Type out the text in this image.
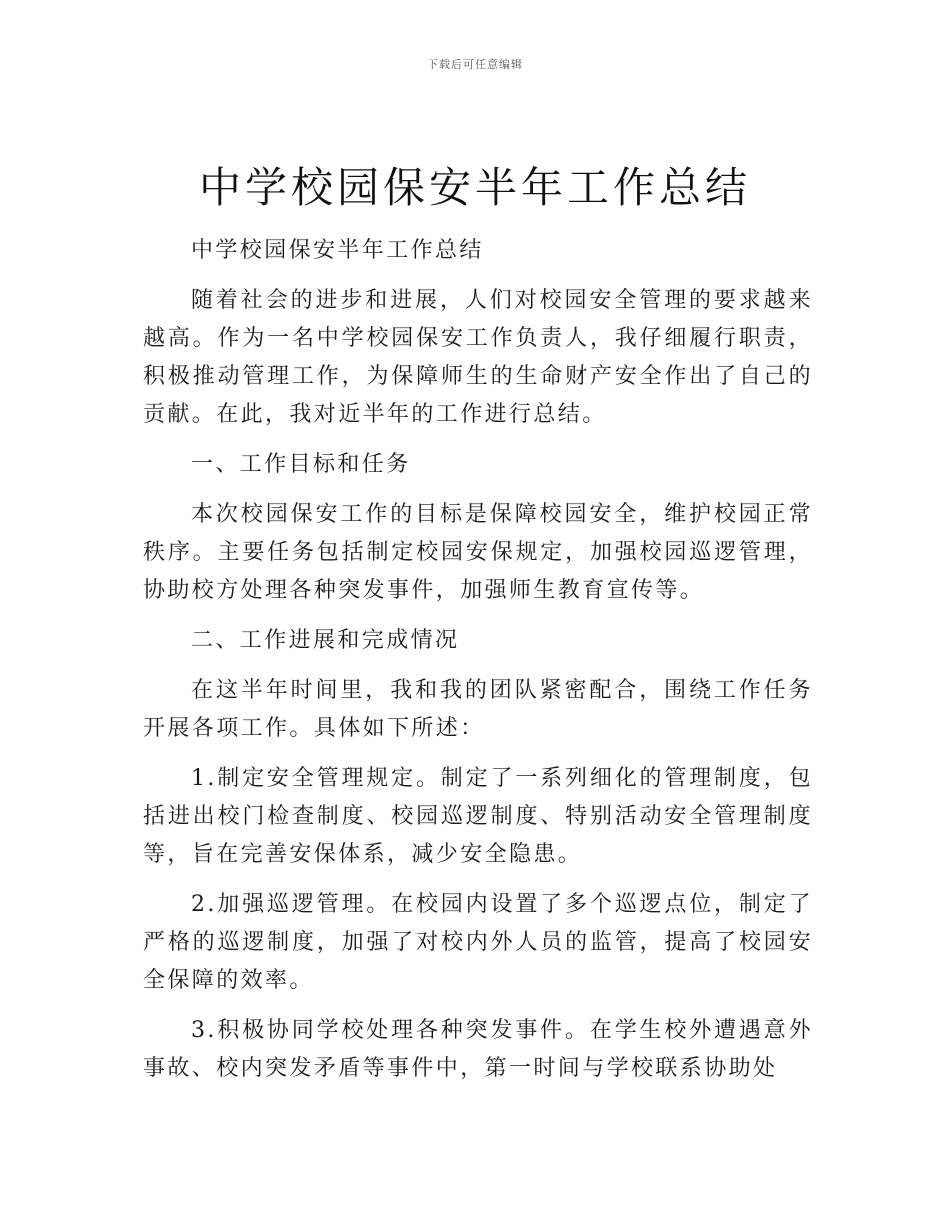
下载后可任意编辑
中学校园保安半年工作总结

中学校园保安半年工作总结

随着社会的进步和进展，人们对校园安全管理的要求越来越高。作为一名中学校园保安工作负责人，我仔细履行职责，积极推动管理工作，为保障师生的生命财产安全作出了自己的贡献。在此，我对近半年的工作进行总结。

一、工作目标和任务

本次校园保安工作的目标是保障校园安全，维护校园正常秩序。主要任务包括制定校园安保规定，加强校园巡逻管理，协助校方处理各种突发事件，加强师生教育宣传等。

二、工作进展和完成情况

在这半年时间里，我和我的团队紧密配合，围绕工作任务开展各项工作。具体如下所述：

1.制定安全管理规定。制定了一系列细化的管理制度，包括进出校门检查制度、校园巡逻制度、特别活动安全管理制度等，旨在完善安保体系，减少安全隐患。

2.加强巡逻管理。在校园内设置了多个巡逻点位，制定了严格的巡逻制度，加强了对校内外人员的监管，提高了校园安全保障的效率。

3.积极协同学校处理各种突发事件。在学生校外遭遇意外事故、校内突发矛盾等事件中，第一时间与学校联系协助处
